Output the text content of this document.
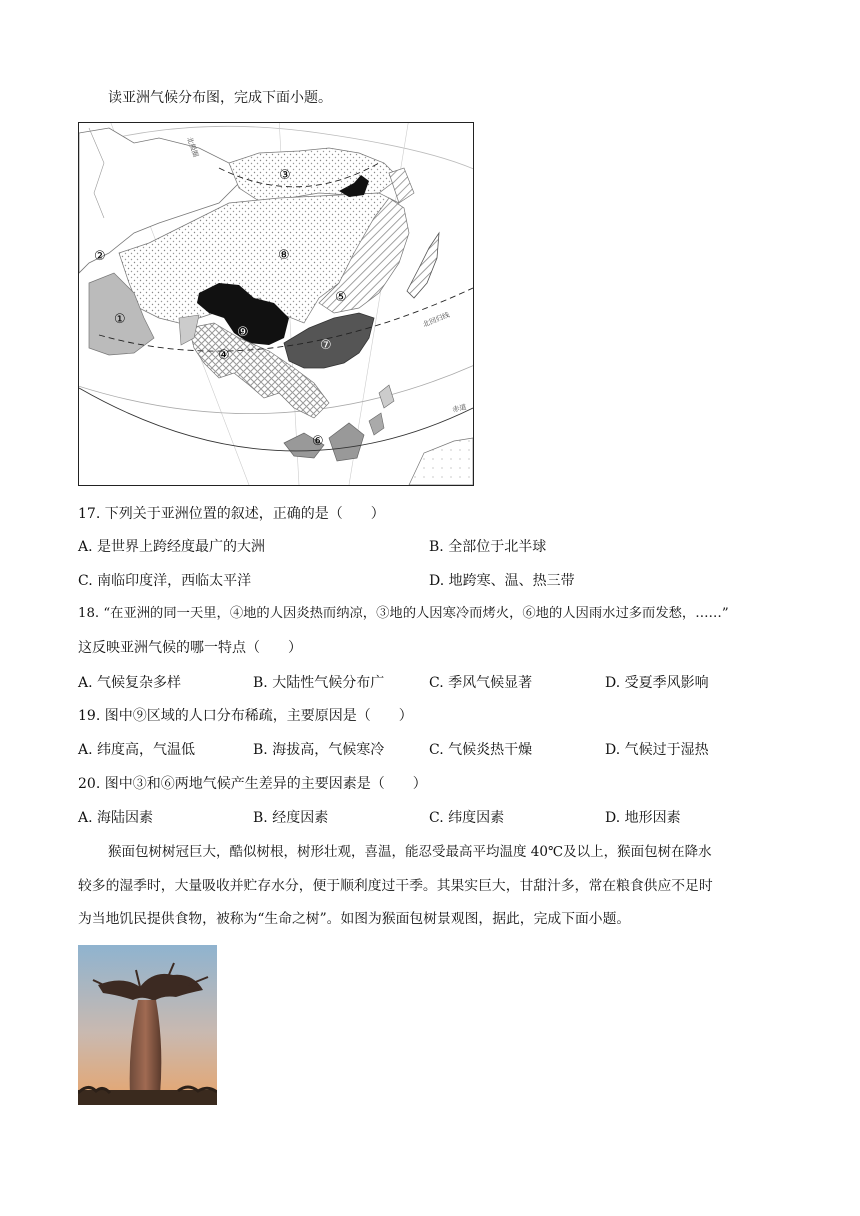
读亚洲气候分布图，完成下面小题。
①
②
③
④
⑤
⑥
⑦
⑧
⑨
北极圈
北回归线
赤道
17. 下列关于亚洲位置的叙述，正确的是（　　）
A. 是世界上跨经度最广的大洲	B. 全部位于北半球
C. 南临印度洋，西临太平洋	D. 地跨寒、温、热三带
18. “在亚洲的同一天里，④地的人因炎热而纳凉，③地的人因寒冷而烤火，⑥地的人因雨水过多而发愁，……”
这反映亚洲气候的哪一特点（　　）
A. 气候复杂多样	B. 大陆性气候分布广	C. 季风气候显著	D. 受夏季风影响
19. 图中⑨区域的人口分布稀疏，主要原因是（　　）
A. 纬度高，气温低	B. 海拔高，气候寒冷	C. 气候炎热干燥	D. 气候过于湿热
20. 图中③和⑥两地气候产生差异的主要因素是（　　）
A. 海陆因素	B. 经度因素	C. 纬度因素	D. 地形因素
猴面包树树冠巨大，酷似树根，树形壮观，喜温，能忍受最高平均温度 40℃及以上，猴面包树在降水
较多的湿季时，大量吸收并贮存水分，便于顺利度过干季。其果实巨大，甘甜汁多，常在粮食供应不足时
为当地饥民提供食物，被称为“生命之树”。如图为猴面包树景观图，据此，完成下面小题。
